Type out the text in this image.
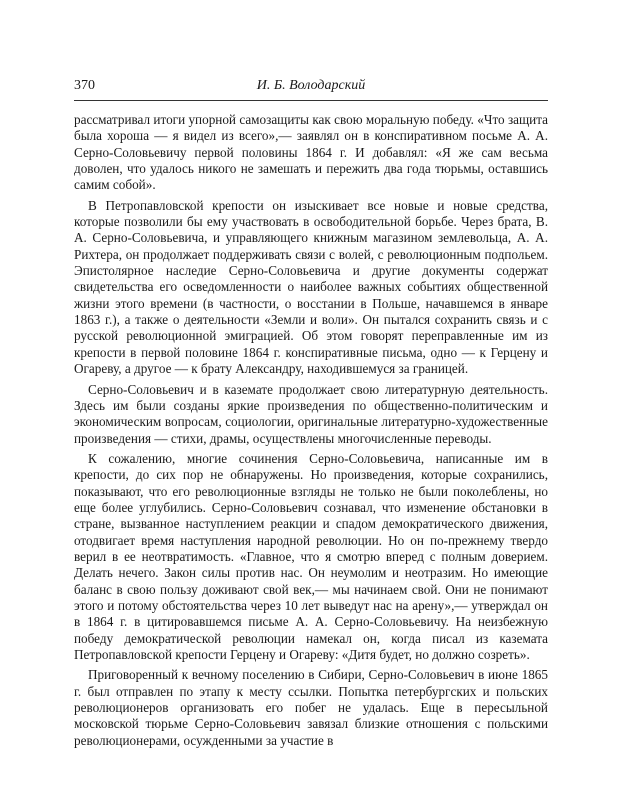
370	И. Б. Володарский

рассматривал итоги упорной самозащиты как свою моральную победу. «Что защита была хороша — я видел из всего»,— заявлял он в конспиративном посьме А. А. Серно-Соловьевичу первой половины 1864 г. И добавлял: «Я же сам весьма доволен, что удалось никого не замешать и пережить два года тюрьмы, оставшись самим собой».

В Петропавловской крепости он изыскивает все новые и новые средства, которые позволили бы ему участвовать в освободительной борьбе. Через брата, В. А. Серно-Соловьевича, и управляющего книжным магазином землевольца, А. А. Рихтера, он продолжает поддерживать связи с волей, с революционным подпольем. Эпистолярное наследие Серно-Соловьевича и другие документы содержат свидетельства его осведомленности о наиболее важных событиях общественной жизни этого времени (в частности, о восстании в Польше, начавшемся в январе 1863 г.), а также о деятельности «Земли и воли». Он пытался сохранить связь и с русской революционной эмиграцией. Об этом говорят переправленные им из крепости в первой половине 1864 г. конспиративные письма, одно — к Герцену и Огареву, а другое — к брату Александру, находившемуся за границей.

Серно-Соловьевич и в каземате продолжает свою литературную деятельность. Здесь им были созданы яркие произведения по общественно-политическим и экономическим вопросам, социологии, оригинальные литературно-художественные произведения — стихи, драмы, осуществлены многочисленные переводы.

К сожалению, многие сочинения Серно-Соловьевича, написанные им в крепости, до сих пор не обнаружены. Но произведения, которые сохранились, показывают, что его революционные взгляды не только не были поколеблены, но еще более углубились. Серно-Соловьевич сознавал, что изменение обстановки в стране, вызванное наступлением реакции и спадом демократического движения, отодвигает время наступления народной революции. Но он по-прежнему твердо верил в ее неотвратимость. «Главное, что я смотрю вперед с полным доверием. Делать нечего. Закон силы против нас. Он неумолим и неотразим. Но имеющие баланс в свою пользу доживают свой век,— мы начинаем свой. Они не понимают этого и потому обстоятельства через 10 лет выведут нас на арену»,— утверждал он в 1864 г. в цитировавшемся письме А. А. Серно-Соловьевичу. На неизбежную победу демократической революции намекал он, когда писал из каземата Петропавловской крепости Герцену и Огареву: «Дитя будет, но должно созреть».

Приговоренный к вечному поселению в Сибири, Серно-Соловьевич в июне 1865 г. был отправлен по этапу к месту ссылки. Попытка петербургских и польских революционеров организовать его побег не удалась. Еще в пересыльной московской тюрьме Серно-Соловьевич завязал близкие отношения с польскими революционерами, осужденными за участие в
